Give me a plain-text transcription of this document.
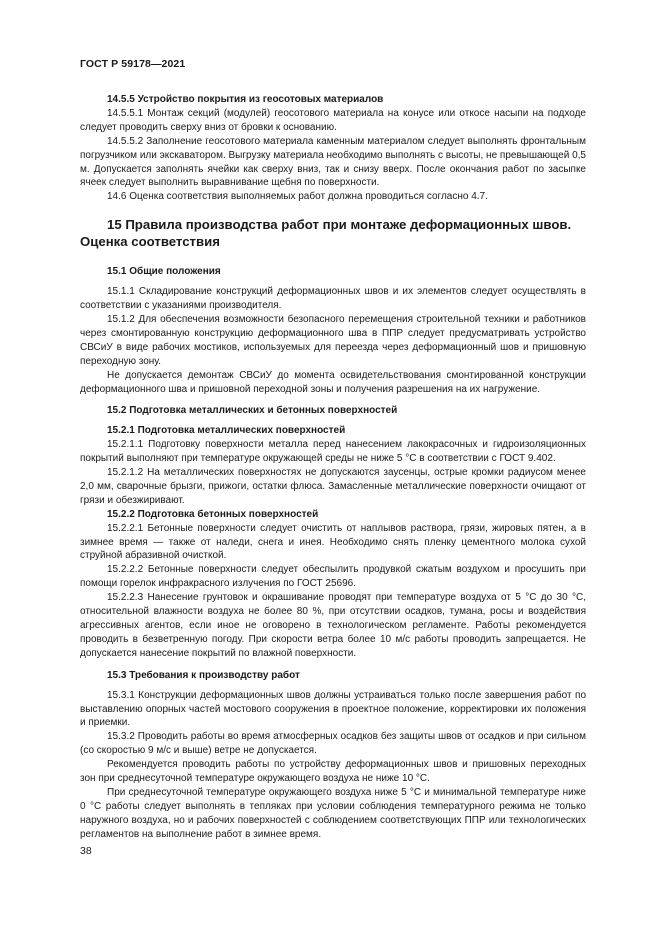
ГОСТ Р 59178—2021

14.5.5 Устройство покрытия из геосотовых материалов

14.5.5.1 Монтаж секций (модулей) геосотового материала на конусе или откосе насыпи на подходе следует проводить сверху вниз от бровки к основанию.

14.5.5.2 Заполнение геосотового материала каменным материалом следует выполнять фронтальным погрузчиком или экскаватором. Выгрузку материала необходимо выполнять с высоты, не превышающей 0,5 м. Допускается заполнять ячейки как сверху вниз, так и снизу вверх. После окончания работ по засыпке ячеек следует выполнить выравнивание щебня по поверхности.

14.6 Оценка соответствия выполняемых работ должна проводиться согласно 4.7.

15 Правила производства работ при монтаже деформационных швов. Оценка соответствия

15.1 Общие положения

15.1.1 Складирование конструкций деформационных швов и их элементов следует осуществлять в соответствии с указаниями производителя.

15.1.2 Для обеспечения возможности безопасного перемещения строительной техники и работников через смонтированную конструкцию деформационного шва в ППР следует предусматривать устройство СВСиУ в виде рабочих мостиков, используемых для переезда через деформационный шов и пришовную переходную зону.

Не допускается демонтаж СВСиУ до момента освидетельствования смонтированной конструкции деформационного шва и пришовной переходной зоны и получения разрешения на их нагружение.

15.2 Подготовка металлических и бетонных поверхностей

15.2.1 Подготовка металлических поверхностей

15.2.1.1 Подготовку поверхности металла перед нанесением лакокрасочных и гидроизоляционных покрытий выполняют при температуре окружающей среды не ниже 5 °С в соответствии с ГОСТ 9.402.

15.2.1.2 На металлических поверхностях не допускаются заусенцы, острые кромки радиусом менее 2,0 мм, сварочные брызги, прижоги, остатки флюса. Замасленные металлические поверхности очищают от грязи и обезжиривают.

15.2.2 Подготовка бетонных поверхностей

15.2.2.1 Бетонные поверхности следует очистить от наплывов раствора, грязи, жировых пятен, а в зимнее время — также от наледи, снега и инея. Необходимо снять пленку цементного молока сухой струйной абразивной очисткой.

15.2.2.2 Бетонные поверхности следует обеспылить продувкой сжатым воздухом и просушить при помощи горелок инфракрасного излучения по ГОСТ 25696.

15.2.2.3 Нанесение грунтовок и окрашивание проводят при температуре воздуха от 5 °С до 30 °С, относительной влажности воздуха не более 80 %, при отсутствии осадков, тумана, росы и воздействия агрессивных агентов, если иное не оговорено в технологическом регламенте. Работы рекомендуется проводить в безветренную погоду. При скорости ветра более 10 м/с работы проводить запрещается. Не допускается нанесение покрытий по влажной поверхности.

15.3 Требования к производству работ

15.3.1 Конструкции деформационных швов должны устраиваться только после завершения работ по выставлению опорных частей мостового сооружения в проектное положение, корректировки их положения и приемки.

15.3.2 Проводить работы во время атмосферных осадков без защиты швов от осадков и при сильном (со скоростью 9 м/с и выше) ветре не допускается.

Рекомендуется проводить работы по устройству деформационных швов и пришовных переходных зон при среднесуточной температуре окружающего воздуха не ниже 10 °С.

При среднесуточной температуре окружающего воздуха ниже 5 °С и минимальной температуре ниже 0 °С работы следует выполнять в тепляках при условии соблюдения температурного режима не только наружного воздуха, но и рабочих поверхностей с соблюдением соответствующих ППР или технологических регламентов на выполнение работ в зимнее время.

38
